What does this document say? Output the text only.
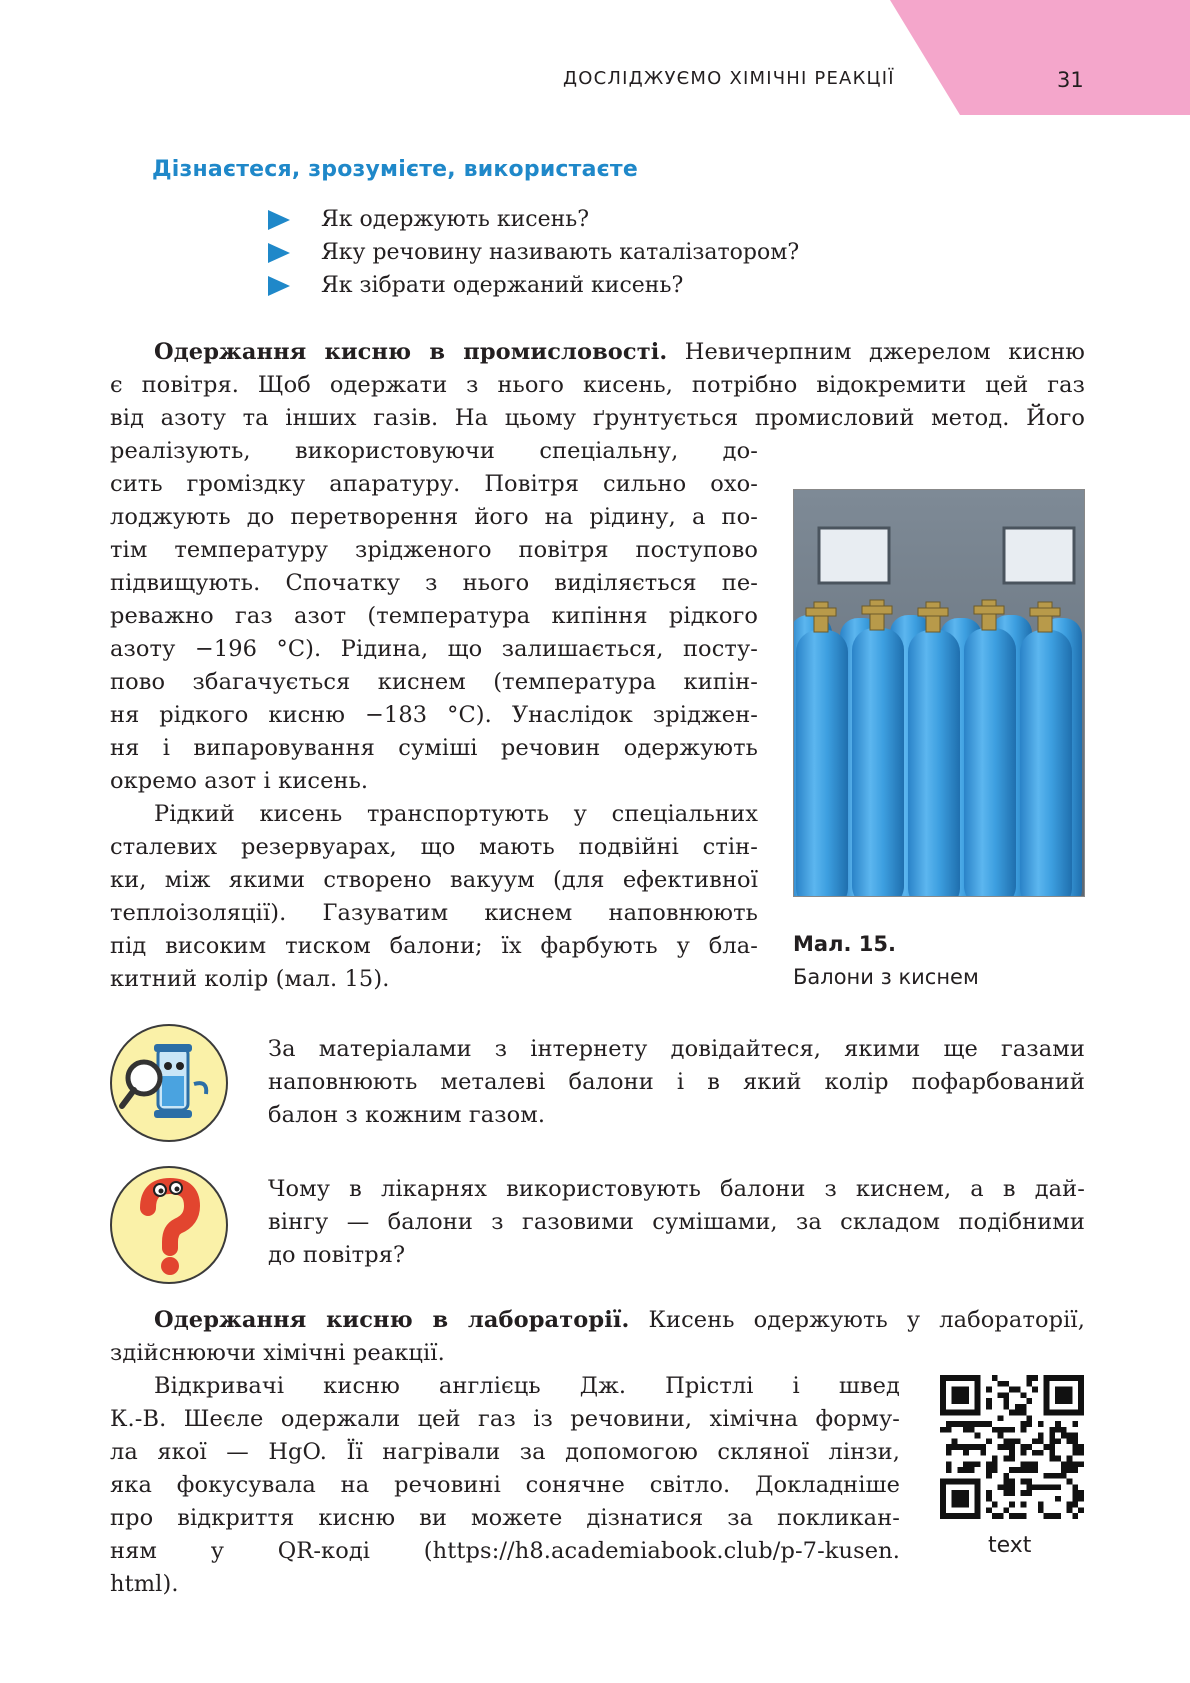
ДОСЛІДЖУЄМО ХІМІЧНІ РЕАКЦІЇ	31
Дізнаєтеся, зрозумієте, використаєте
Як одержують кисень?
Яку речовину називають каталізатором?
Як зібрати одержаний кисень?
Одержання кисню в промисловості. Невичерпним джерелом кисню
є повітря. Щоб одержати з нього кисень, потрібно відокремити цей газ
від азоту та інших газів. На цьому ґрунтується промисловий метод. Його
реалізують, використовуючи спеціальну, до-
сить громіздку апаратуру. Повітря сильно охо-
лоджують до перетворення його на рідину, а по-
тім температуру зрідженого повітря поступово
підвищують. Спочатку з нього виділяється пе-
реважно газ азот (температура кипіння рідкого
азоту −196 °C). Рідина, що залишається, посту-
пово збагачується киснем (температура кипін-
ня рідкого кисню −183 °C). Унаслідок зріджен-
ня і випаровування суміші речовин одержують
окремо азот і кисень.
Рідкий кисень транспортують у спеціальних
сталевих резервуарах, що мають подвійні стін-
ки, між якими створено вакуум (для ефективної
теплоізоляції). Газуватим киснем наповнюють
під високим тиском балони; їх фарбують у бла-
китний колір (мал. 15).
Мал. 15.
Балони з киснем
За матеріалами з інтернету довідайтеся, якими ще газами
наповнюють металеві балони і в який колір пофарбований
балон з кожним газом.
Чому в лікарнях використовують балони з киснем, а в дай-
вінгу — балони з газовими сумішами, за складом подібними
до повітря?
Одержання кисню в лабораторії. Кисень одержують у лабораторії,
здійснюючи хімічні реакції.
Відкривачі кисню англієць Дж. Прістлі і швед
К.-В. Шеєле одержали цей газ із речовини, хімічна форму-
ла якої — HgO. Її нагрівали за допомогою скляної лінзи,
яка фокусувала на речовині сонячне світло. Докладніше
про відкриття кисню ви можете дізнатися за покликан-
ням у QR-коді (https://h8.academiabook.club/p-7-kusen.
html).
text
